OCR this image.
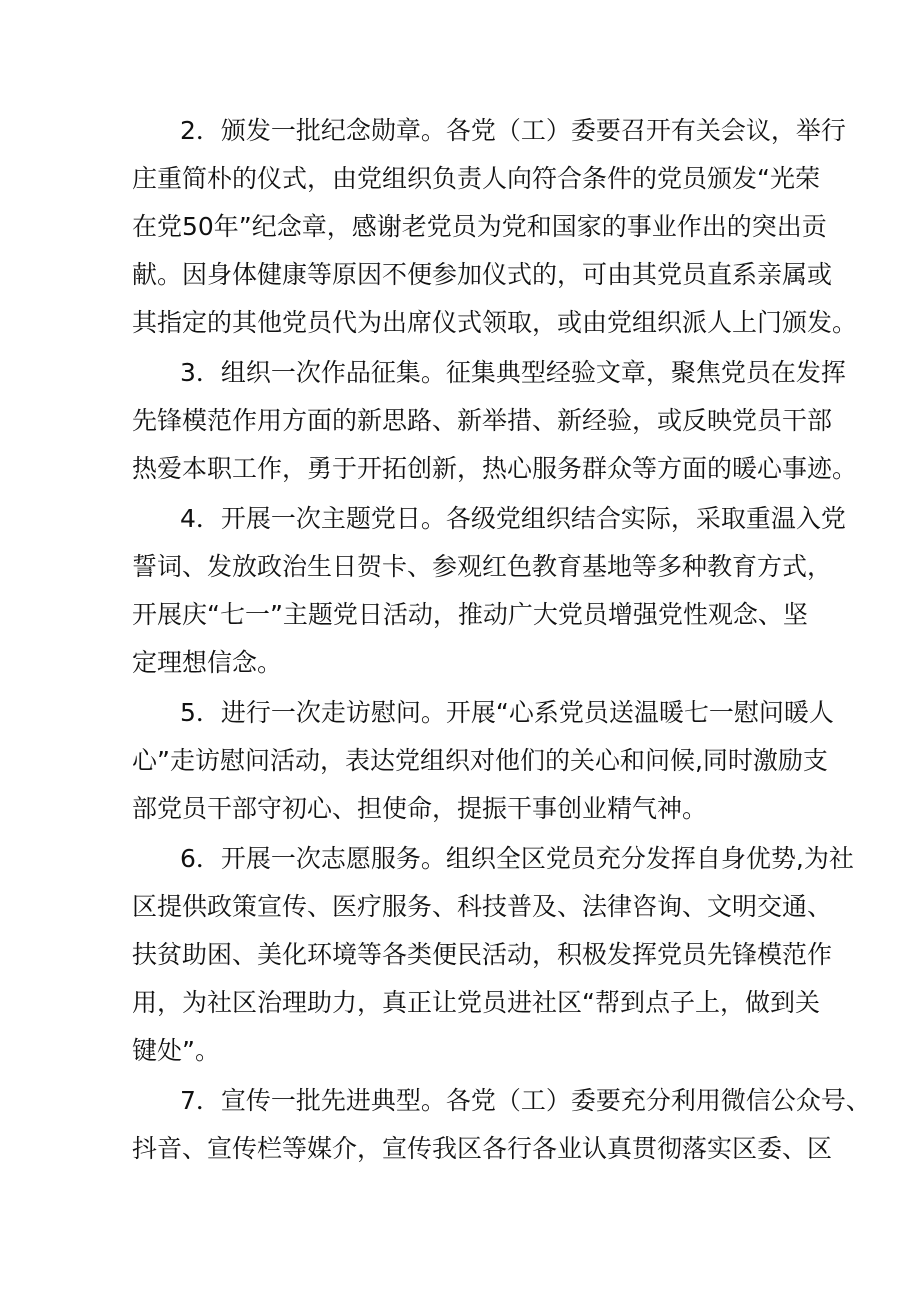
2．颁发一批纪念勋章。各党（工）委要召开有关会议，举行
庄重简朴的仪式，由党组织负责人向符合条件的党员颁发“光荣
在党50年”纪念章，感谢老党员为党和国家的事业作出的突出贡
献。因身体健康等原因不便参加仪式的，可由其党员直系亲属或
其指定的其他党员代为出席仪式领取，或由党组织派人上门颁发。
3．组织一次作品征集。征集典型经验文章，聚焦党员在发挥
先锋模范作用方面的新思路、新举措、新经验，或反映党员干部
热爱本职工作，勇于开拓创新，热心服务群众等方面的暖心事迹。
4．开展一次主题党日。各级党组织结合实际，采取重温入党
誓词、发放政治生日贺卡、参观红色教育基地等多种教育方式，
开展庆“七一”主题党日活动，推动广大党员增强党性观念、坚
定理想信念。
5．进行一次走访慰问。开展“心系党员送温暖七一慰问暖人
心”走访慰问活动，表达党组织对他们的关心和问候,同时激励支
部党员干部守初心、担使命，提振干事创业精气神。
6．开展一次志愿服务。组织全区党员充分发挥自身优势,为社
区提供政策宣传、医疗服务、科技普及、法律咨询、文明交通、
扶贫助困、美化环境等各类便民活动，积极发挥党员先锋模范作
用，为社区治理助力，真正让党员进社区“帮到点子上，做到关
键处”。
7．宣传一批先进典型。各党（工）委要充分利用微信公众号、
抖音、宣传栏等媒介，宣传我区各行各业认真贯彻落实区委、区
